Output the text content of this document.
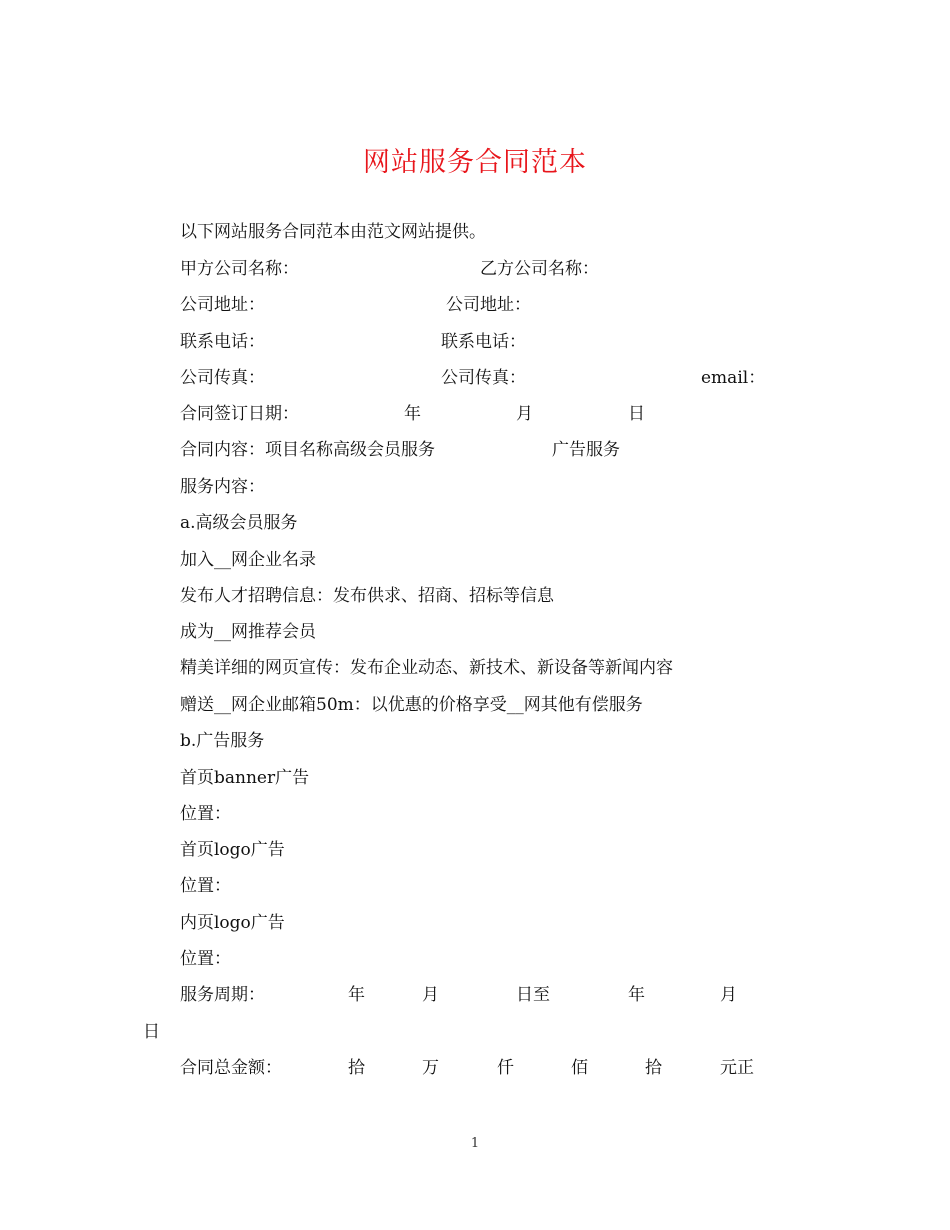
网站服务合同范本
以下网站服务合同范本由范文网站提供。
甲方公司名称：	乙方公司名称：
公司地址：	公司地址：
联系电话：	联系电话：
公司传真：	公司传真：	email：
合同签订日期：	年	月	日
合同内容：项目名称高级会员服务	广告服务
服务内容：
a.高级会员服务
加入__网企业名录
发布人才招聘信息：发布供求、招商、招标等信息
成为__网推荐会员
精美详细的网页宣传：发布企业动态、新技术、新设备等新闻内容
赠送__网企业邮箱50m：以优惠的价格享受__网其他有偿服务
b.广告服务
首页banner广告
位置：
首页logo广告
位置：
内页logo广告
位置：
服务周期：	年	月	日至	年	月
日
合同总金额：	拾	万	仟	佰	拾	元正
1
